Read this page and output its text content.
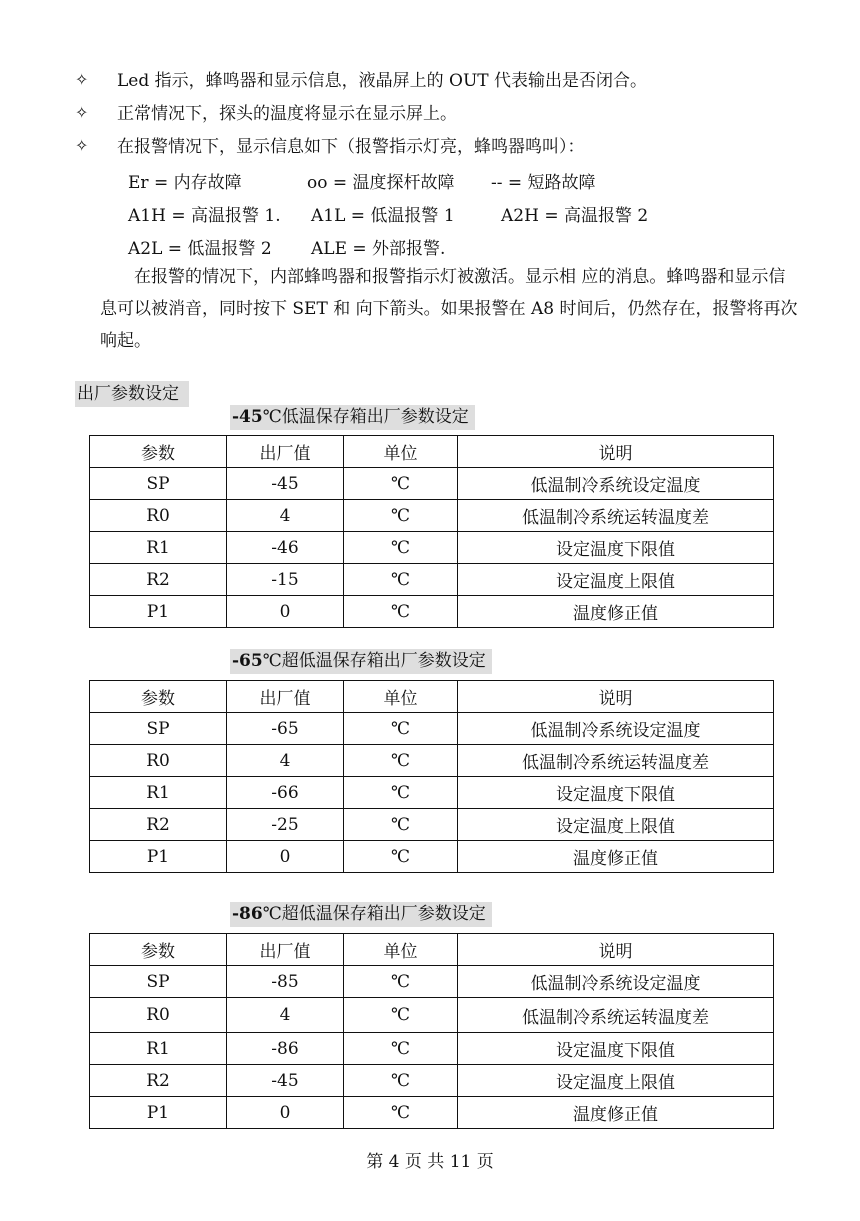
✧ Led 指示，蜂鸣器和显示信息，液晶屏上的 OUT 代表输出是否闭合。
✧ 正常情况下，探头的温度将显示在显示屏上。
✧ 在报警情况下，显示信息如下（报警指示灯亮，蜂鸣器鸣叫）：
Er = 内存故障	oo = 温度探杆故障 -- = 短路故障
A1H = 高温报警 1. A1L = 低温报警 1	A2H = 高温报警 2
A2L = 低温报警 2 ALE = 外部报警.
在报警的情况下，内部蜂鸣器和报警指示灯被激活。显示相 应的消息。蜂鸣器和显示信息可以被消音，同时按下 SET 和 向下箭头。如果报警在 A8 时间后，仍然存在，报警将再次响起。
出厂参数设定
-45℃低温保存箱出厂参数设定
参数	出厂值	单位	说明
SP	-45	℃	低温制冷系统设定温度
R0	4	℃	低温制冷系统运转温度差
R1	-46	℃	设定温度下限值
R2	-15	℃	设定温度上限值
P1	0	℃	温度修正值
-65℃超低温保存箱出厂参数设定
参数	出厂值	单位	说明
SP	-65	℃	低温制冷系统设定温度
R0	4	℃	低温制冷系统运转温度差
R1	-66	℃	设定温度下限值
R2	-25	℃	设定温度上限值
P1	0	℃	温度修正值
-86℃超低温保存箱出厂参数设定
参数	出厂值	单位	说明
SP	-85	℃	低温制冷系统设定温度
R0	4	℃	低温制冷系统运转温度差
R1	-86	℃	设定温度下限值
R2	-45	℃	设定温度上限值
P1	0	℃	温度修正值
第 4 页 共 11 页
